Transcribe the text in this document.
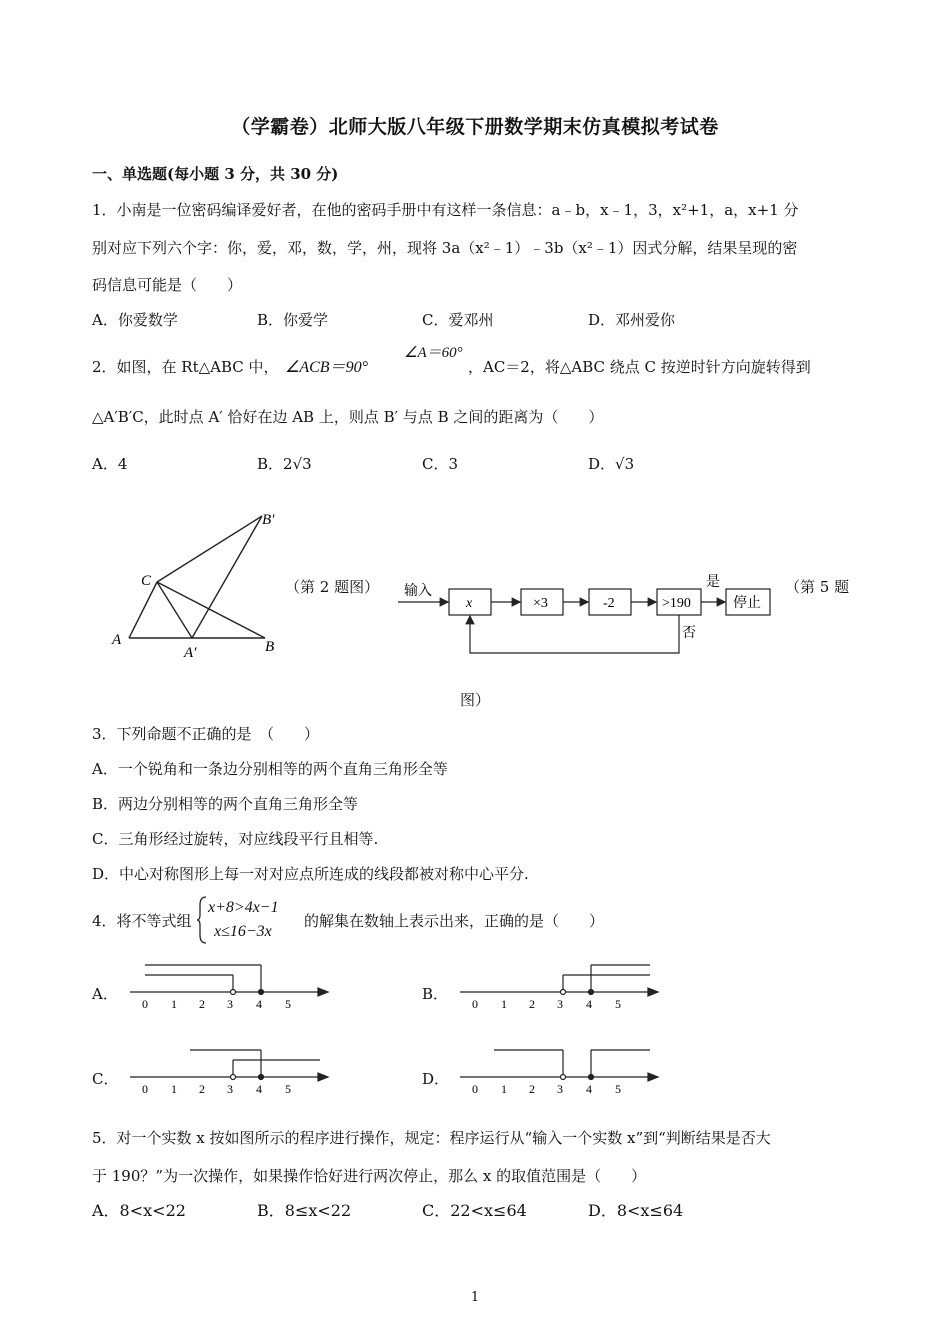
（学霸卷）北师大版八年级下册数学期末仿真模拟考试卷
一、单选题(每小题 3 分，共 30 分)
1．小南是一位密码编译爱好者，在他的密码手册中有这样一条信息：a﹣b，x﹣1，3，x²+1，a，x+1 分
别对应下列六个字：你，爱，邓，数，学，州，现将 3a（x²﹣1）﹣3b（x²﹣1）因式分解，结果呈现的密
码信息可能是（　　）
A．你爱数学	B．你爱学	C．爱邓州	D．邓州爱你
2．如图，在 Rt△ABC 中， ∠ACB＝90°
∠A＝60°
，AC＝2，将△ABC 绕点 C 按逆时针方向旋转得到
△A′B′C，此时点 A′ 恰好在边 AB 上，则点 B′ 与点 B 之间的距离为（　　）
A．4	B．2√3	C．3	D．√3
A	B
C
A′
B′
（第 2 题图） 输入
x	×3	-2	>190
是
否
停止
（第 5 题
图）
3．下列命题不正确的是　（　　）
A．一个锐角和一条边分别相等的两个直角三角形全等
B．两边分别相等的两个直角三角形全等
C．三角形经过旋转，对应线段平行且相等.
D．中心对称图形上每一对对应点所连成的线段都被对称中心平分.
4．将不等式组
x+8>4x−1
x≤16−3x
的解集在数轴上表示出来，正确的是（　　）
A．
0 1 2 3 4 5
B．
0 1 2 3 4 5
C．
0 1 2 3 4 5
D．
0 1 2 3 4 5
5．对一个实数 x 按如图所示的程序进行操作，规定：程序运行从“输入一个实数 x”到“判断结果是否大
于 190？”为一次操作，如果操作恰好进行两次停止，那么 x 的取值范围是（　　）
A．8<x<22	B．8≤x<22	C．22<x≤64	D．8<x≤64
1
